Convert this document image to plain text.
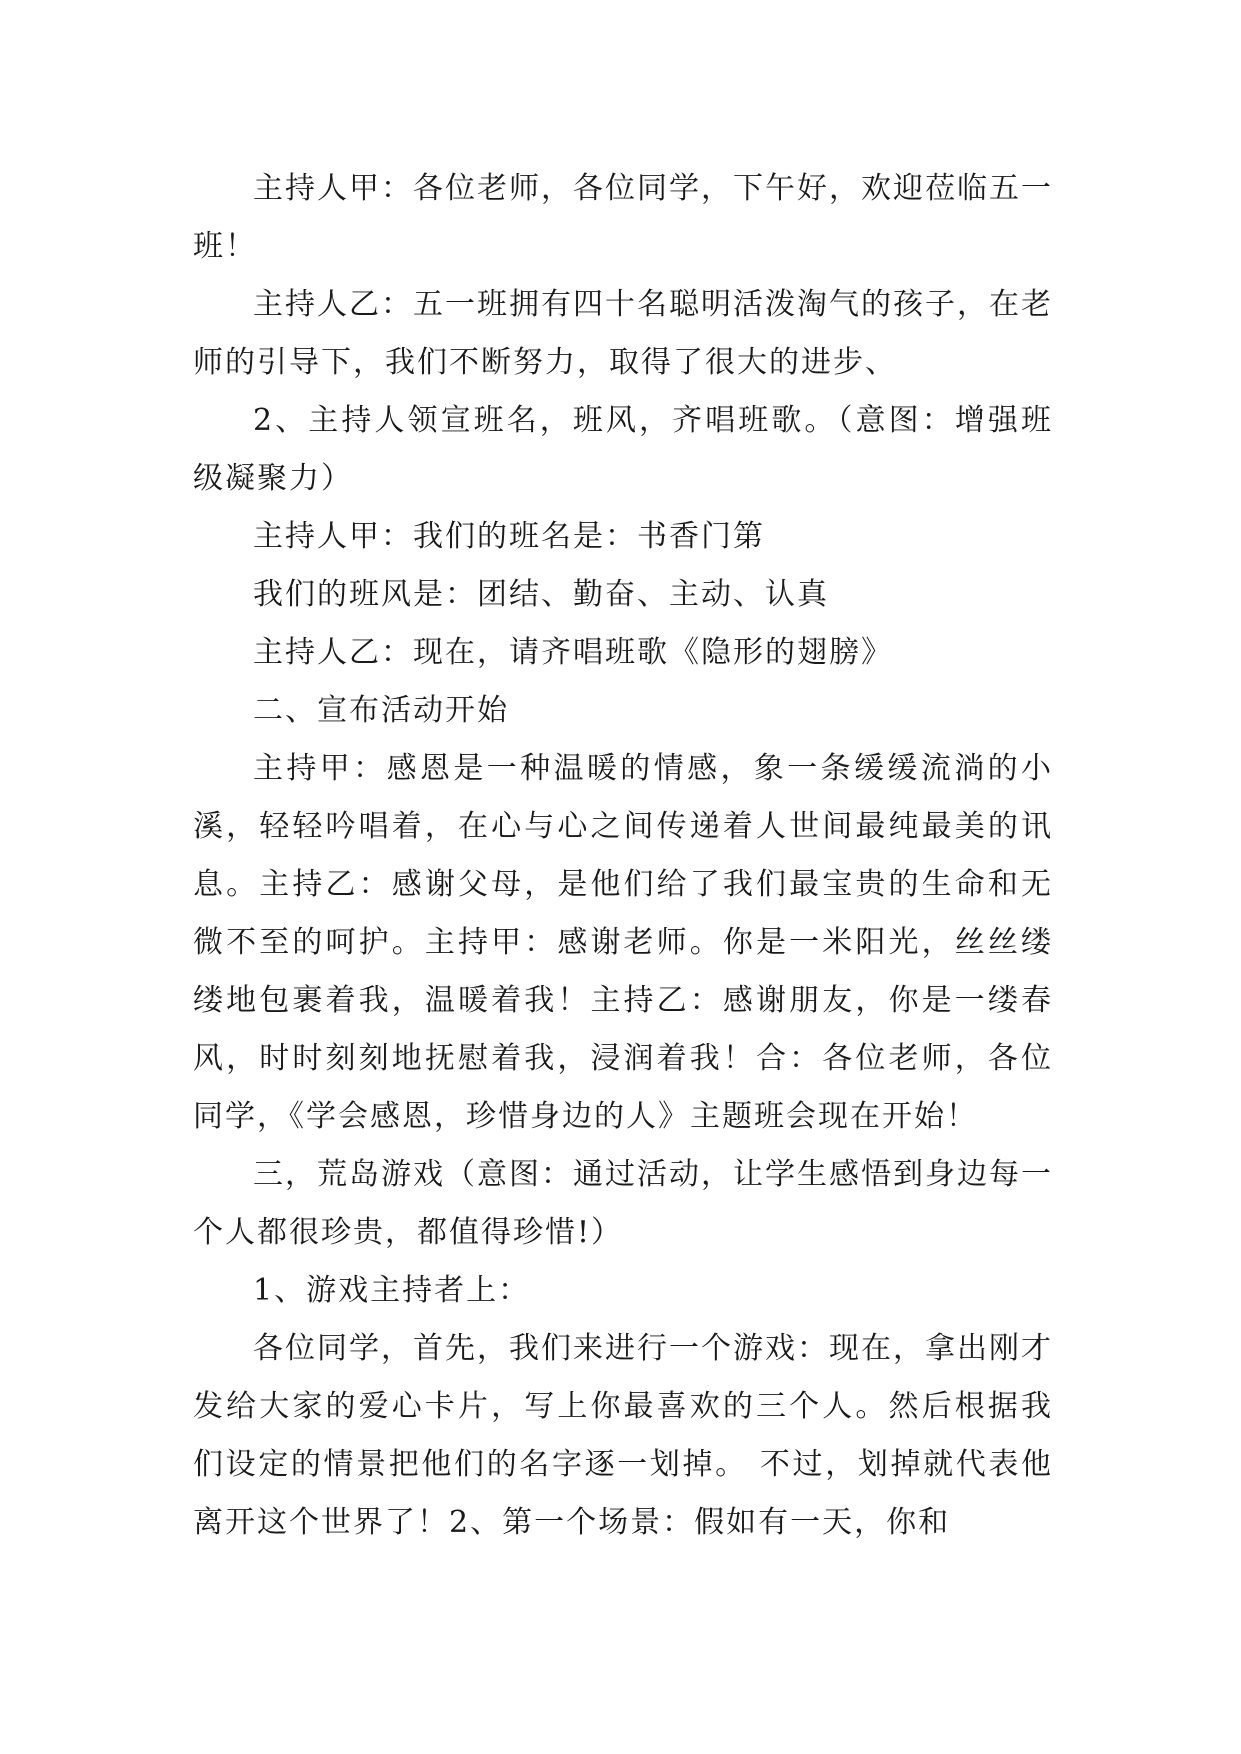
主持人甲：各位老师，各位同学，下午好，欢迎莅临五一班！

主持人乙：五一班拥有四十名聪明活泼淘气的孩子，在老师的引导下，我们不断努力，取得了很大的进步、

2、主持人领宣班名，班风，齐唱班歌。（意图：增强班级凝聚力）

主持人甲：我们的班名是：书香门第

我们的班风是：团结、勤奋、主动、认真

主持人乙：现在，请齐唱班歌《隐形的翅膀》

二、宣布活动开始

主持甲：感恩是一种温暖的情感，象一条缓缓流淌的小溪，轻轻吟唱着，在心与心之间传递着人世间最纯最美的讯息。主持乙：感谢父母，是他们给了我们最宝贵的生命和无微不至的呵护。主持甲：感谢老师。你是一米阳光，丝丝缕缕地包裹着我，温暖着我！主持乙：感谢朋友，你是一缕春风，时时刻刻地抚慰着我，浸润着我！合：各位老师，各位同学，《学会感恩，珍惜身边的人》主题班会现在开始！

三，荒岛游戏（意图：通过活动，让学生感悟到身边每一个人都很珍贵，都值得珍惜!）

1、游戏主持者上：

各位同学，首先，我们来进行一个游戏：现在，拿出刚才发给大家的爱心卡片，写上你最喜欢的三个人。然后根据我们设定的情景把他们的名字逐一划掉。 不过，划掉就代表他离开这个世界了！2、第一个场景：假如有一天，你和
